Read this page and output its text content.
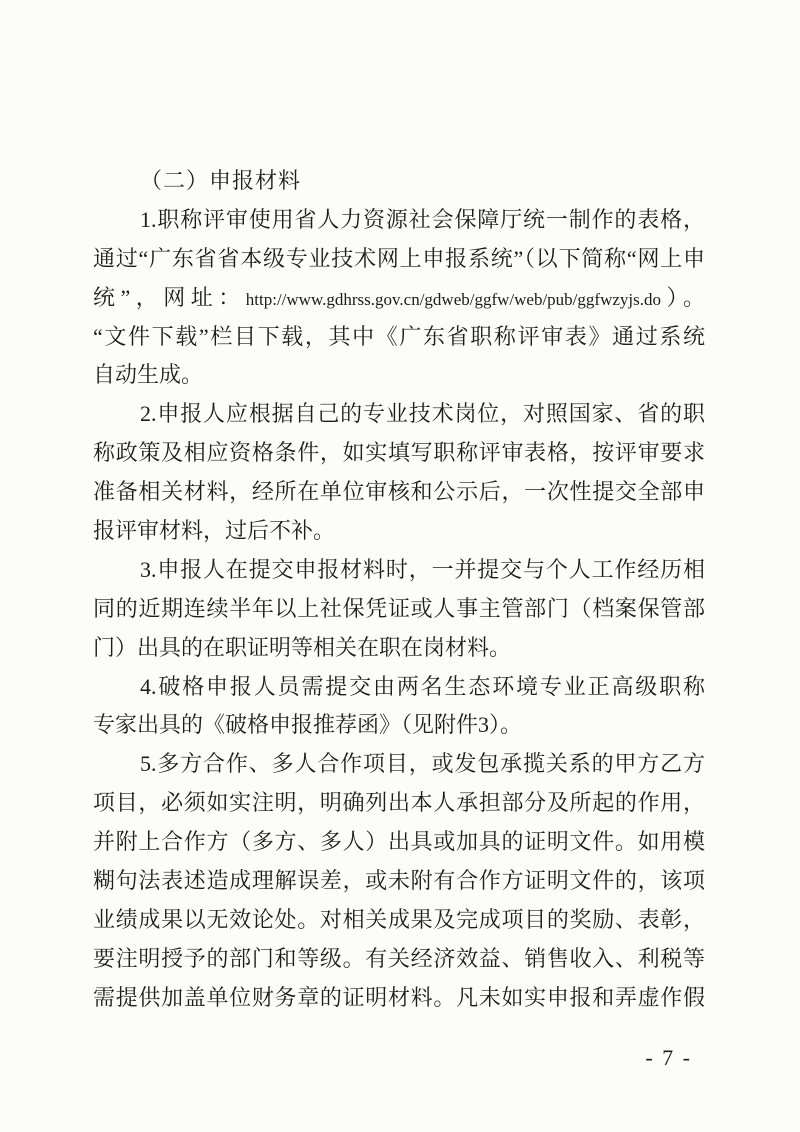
（二）申报材料
1.职称评审使用省人力资源社会保障厅统一制作的表格，
通过“广东省省本级专业技术网上申报系统”（以下简称“网上申
统”，网址：http://www.gdhrss.gov.cn/gdweb/ggfw/web/pub/ggfwzyjs.do）。
“文件下载”栏目下载，其中《广东省职称评审表》通过系统
自动生成。
2.申报人应根据自己的专业技术岗位，对照国家、省的职
称政策及相应资格条件，如实填写职称评审表格，按评审要求
准备相关材料，经所在单位审核和公示后，一次性提交全部申
报评审材料，过后不补。
3.申报人在提交申报材料时，一并提交与个人工作经历相
同的近期连续半年以上社保凭证或人事主管部门（档案保管部
门）出具的在职证明等相关在职在岗材料。
4.破格申报人员需提交由两名生态环境专业正高级职称
专家出具的《破格申报推荐函》（见附件3）。
5.多方合作、多人合作项目，或发包承揽关系的甲方乙方
项目，必须如实注明，明确列出本人承担部分及所起的作用，
并附上合作方（多方、多人）出具或加具的证明文件。如用模
糊句法表述造成理解误差，或未附有合作方证明文件的，该项
业绩成果以无效论处。对相关成果及完成项目的奖励、表彰，
要注明授予的部门和等级。有关经济效益、销售收入、利税等
需提供加盖单位财务章的证明材料。凡未如实申报和弄虚作假
- 7 -
